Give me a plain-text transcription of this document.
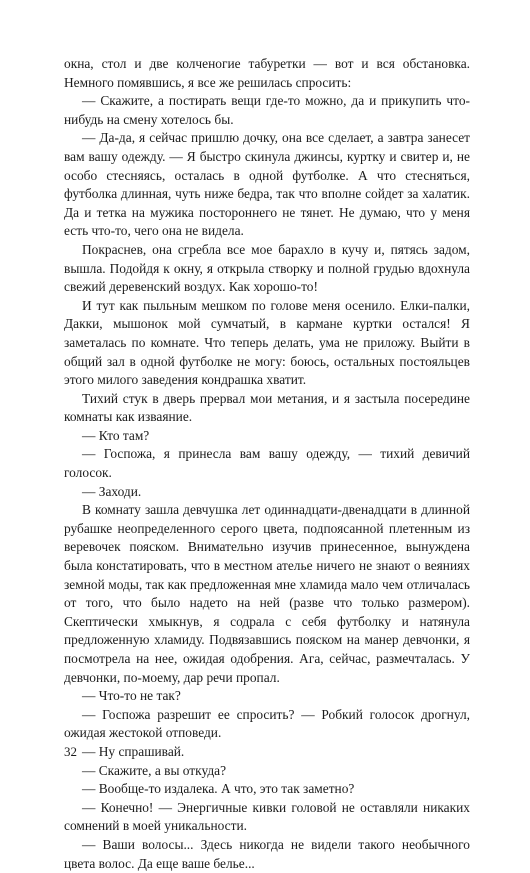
окна, стол и две колченогие табуретки — вот и вся обстановка. Немного помявшись, я все же решилась спросить:

— Скажите, а постирать вещи где-то можно, да и прикупить что-нибудь на смену хотелось бы.

— Да-да, я сейчас пришлю дочку, она все сделает, а завтра занесет вам вашу одежду. — Я быстро скинула джинсы, куртку и свитер и, не особо стесняясь, осталась в одной футболке. А что стесняться, футболка длинная, чуть ниже бедра, так что вполне сойдет за халатик. Да и тетка на мужика постороннего не тянет. Не думаю, что у меня есть что-то, чего она не видела.

Покраснев, она сгребла все мое барахло в кучу и, пятясь задом, вышла. Подойдя к окну, я открыла створку и полной грудью вдохнула свежий деревенский воздух. Как хорошо-то!

И тут как пыльным мешком по голове меня осенило. Елки-палки, Дакки, мышонок мой сумчатый, в кармане куртки остался! Я заметалась по комнате. Что теперь делать, ума не приложу. Выйти в общий зал в одной футболке не могу: боюсь, остальных постояльцев этого милого заведения кондрашка хватит.

Тихий стук в дверь прервал мои метания, и я застыла посередине комнаты как изваяние.

— Кто там?

— Госпожа, я принесла вам вашу одежду, — тихий девичий голосок.

— Заходи.

В комнату зашла девчушка лет одиннадцати-двенадцати в длинной рубашке неопределенного серого цвета, подпоясанной плетенным из веревочек пояском. Внимательно изучив принесенное, вынуждена была констатировать, что в местном ателье ничего не знают о веяниях земной моды, так как предложенная мне хламида мало чем отличалась от того, что было надето на ней (разве что только размером). Скептически хмыкнув, я содрала с себя футболку и натянула предложенную хламиду. Подвязавшись пояском на манер девчонки, я посмотрела на нее, ожидая одобрения. Ага, сейчас, размечталась. У девчонки, по-моему, дар речи пропал.

— Что-то не так?

— Госпожа разрешит ее спросить? — Робкий голосок дрогнул, ожидая жестокой отповеди.

— Ну спрашивай.

— Скажите, а вы откуда?

— Вообще-то издалека. А что, это так заметно?

— Конечно! — Энергичные кивки головой не оставляли никаких сомнений в моей уникальности.

— Ваши волосы... Здесь никогда не видели такого необычного цвета волос. Да еще ваше белье...

32
